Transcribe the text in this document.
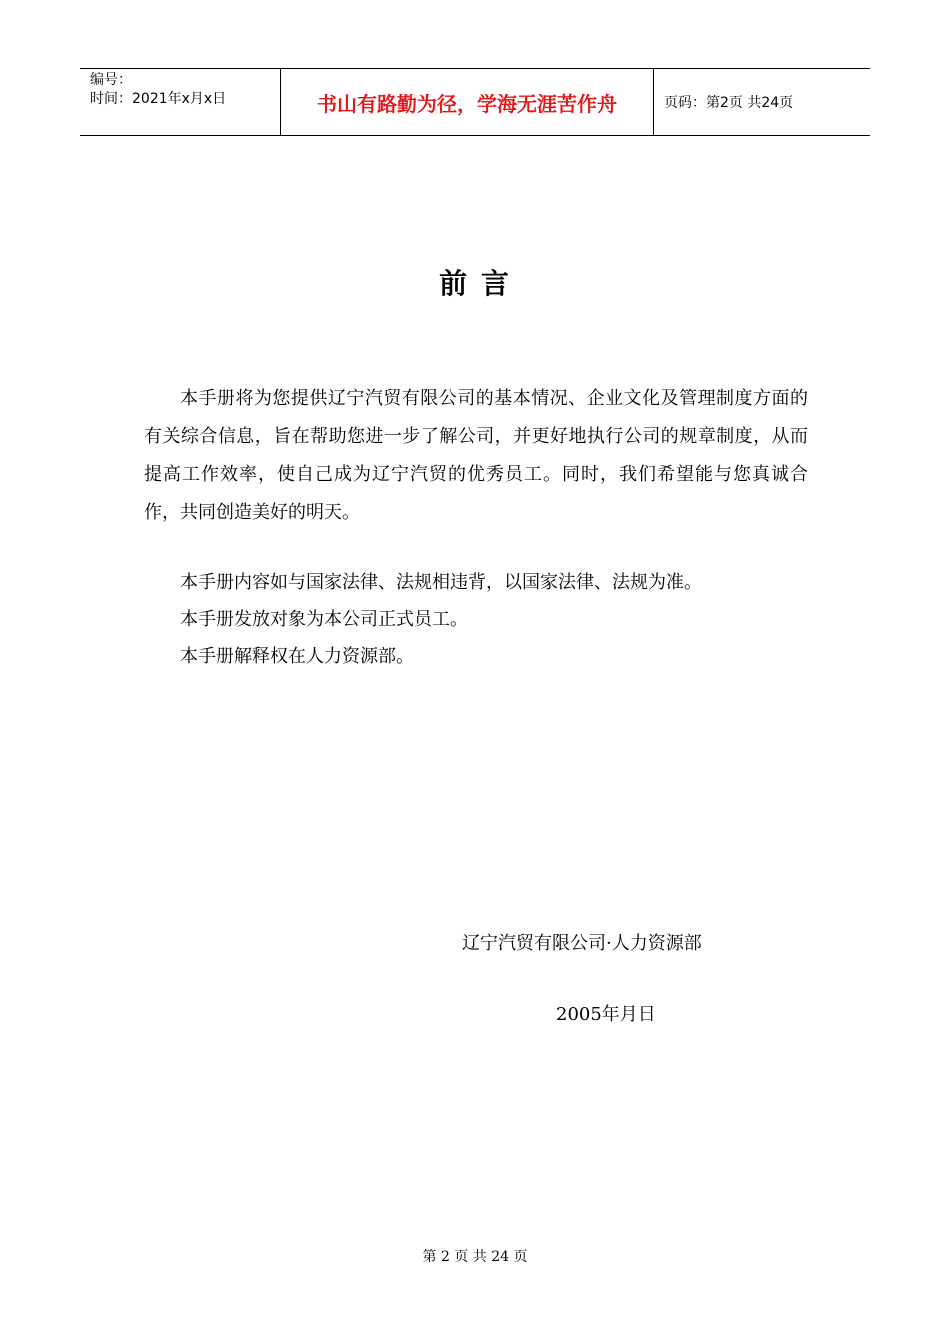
编号：
时间：2021年x月x日	书山有路勤为径，学海无涯苦作舟	页码：第2页 共24页
前 言

本手册将为您提供辽宁汽贸有限公司的基本情况、企业文化及管理制度方面的有关综合信息，旨在帮助您进一步了解公司，并更好地执行公司的规章制度，从而提高工作效率，使自己成为辽宁汽贸的优秀员工。同时，我们希望能与您真诚合作，共同创造美好的明天。

本手册内容如与国家法律、法规相违背，以国家法律、法规为准。

本手册发放对象为本公司正式员工。

本手册解释权在人力资源部。

辽宁汽贸有限公司·人力资源部
2005年月日
第 2 页 共 24 页
